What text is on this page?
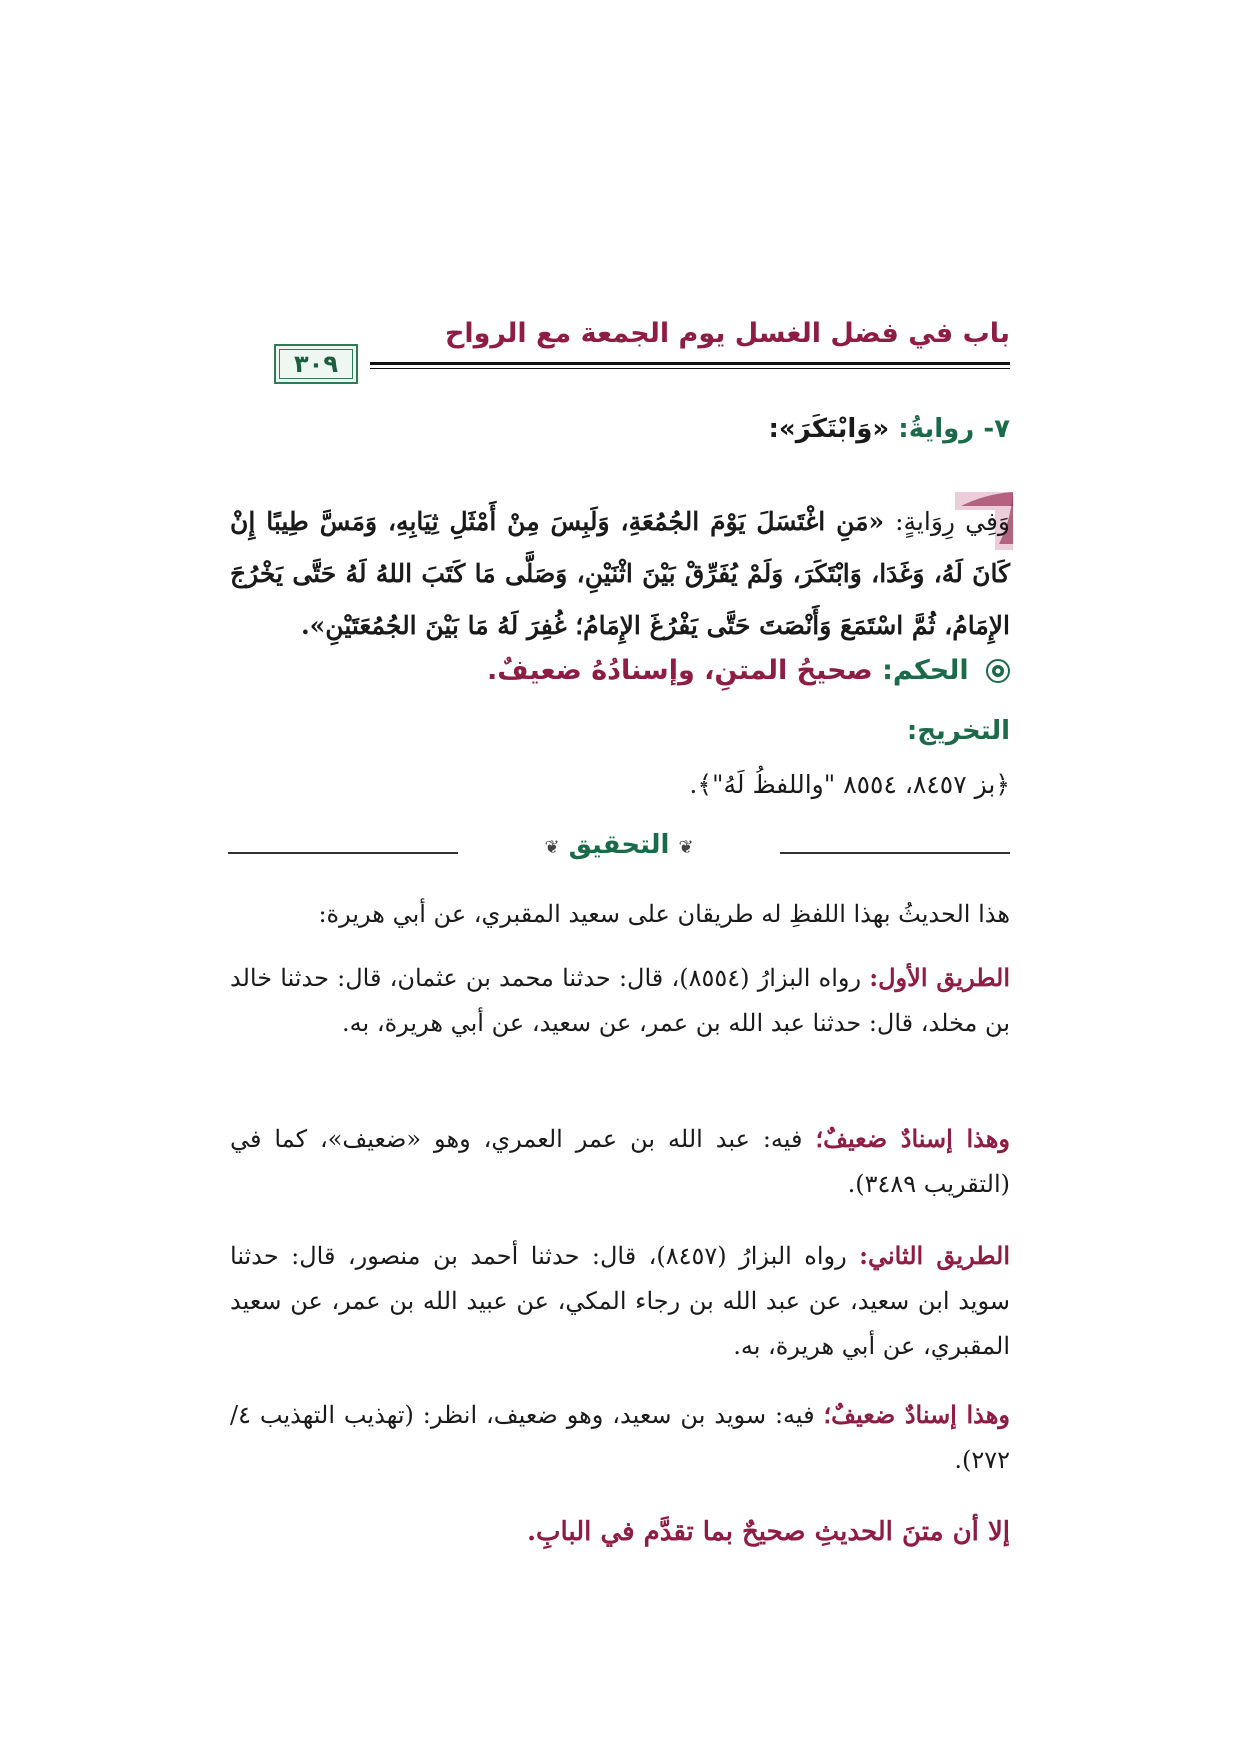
باب في فضل الغسل يوم الجمعة مع الرواح
٣٠٩
٧- روايةُ: «وَابْتَكَرَ»:
وَفِي رِوَايةٍ: «مَنِ اغْتَسَلَ يَوْمَ الجُمُعَةِ، وَلَبِسَ مِنْ أَمْثَلِ ثِيَابِهِ، وَمَسَّ طِيبًا إِنْ كَانَ لَهُ، وَغَدَا، وَابْتَكَرَ، وَلَمْ يُفَرِّقْ بَيْنَ اثْنَيْنِ، وَصَلَّى مَا كَتَبَ اللهُ لَهُ حَتَّى يَخْرُجَ الإِمَامُ، ثُمَّ اسْتَمَعَ وَأَنْصَتَ حَتَّى يَفْرُغَ الإِمَامُ؛ غُفِرَ لَهُ مَا بَيْنَ الجُمُعَتَيْنِ».
الحكم: صحيحُ المتنِ، وإسنادُهُ ضعيفٌ.
التخريج:
﴿بز ٨٤٥٧، ٨٥٥٤ "واللفظُ لَهُ"﴾.
❦ التحقيق ❦
هذا الحديثُ بهذا اللفظِ له طريقان على سعيد المقبري، عن أبي هريرة:
الطريق الأول: رواه البزارُ (٨٥٥٤)، قال: حدثنا محمد بن عثمان، قال: حدثنا خالد بن مخلد، قال: حدثنا عبد الله بن عمر، عن سعيد، عن أبي هريرة، به.
وهذا إسنادٌ ضعيفٌ؛ فيه: عبد الله بن عمر العمري، وهو «ضعيف»، كما في (التقريب ٣٤٨٩).
الطريق الثاني: رواه البزارُ (٨٤٥٧)، قال: حدثنا أحمد بن منصور، قال: حدثنا سويد ابن سعيد، عن عبد الله بن رجاء المكي، عن عبيد الله بن عمر، عن سعيد المقبري، عن أبي هريرة، به.
وهذا إسنادٌ ضعيفٌ؛ فيه: سويد بن سعيد، وهو ضعيف، انظر: (تهذيب التهذيب ٤/ ٢٧٢).
إلا أن متنَ الحديثِ صحيحٌ بما تقدَّم في البابِ.
